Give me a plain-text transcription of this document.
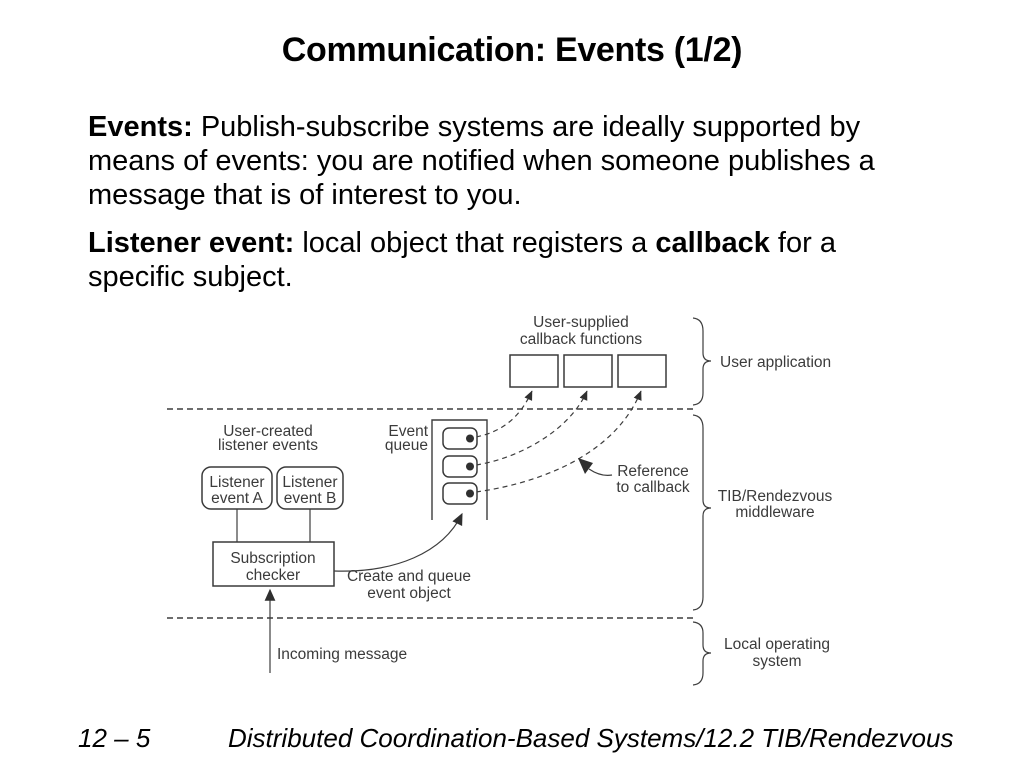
Communication: Events (1/2)
Events: Publish-subscribe systems are ideally supported by means of events: you are notified when someone publishes a message that is of interest to you.
Listener event: local object that registers a callback for a specific subject.
User-supplied
callback functions
Event
queue
Reference
to callback
User-created
listener events
Listener
event A
Listener
event B
Subscription
checker	Create and queue
event object
Incoming message
User application
TIB/Rendezvous
middleware
Local operating
system
12 – 5	Distributed Coordination-Based Systems/12.2 TIB/Rendezvous
